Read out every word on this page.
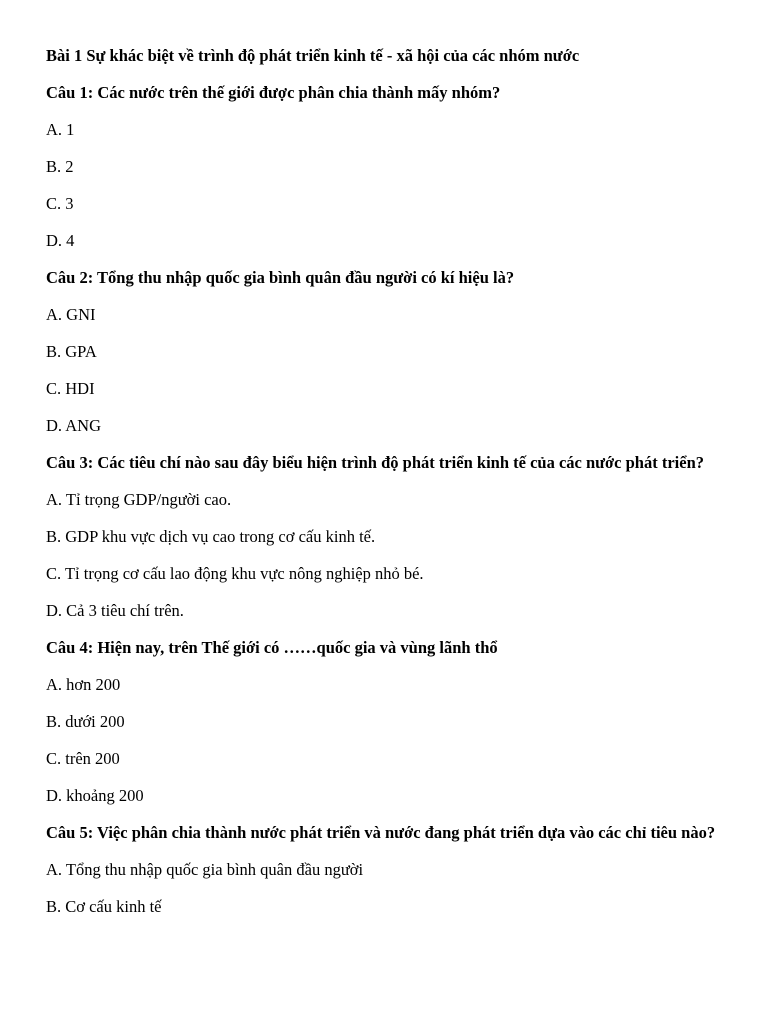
Bài 1 Sự khác biệt về trình độ phát triển kinh tế - xã hội của các nhóm nước
Câu 1: Các nước trên thế giới được phân chia thành mấy nhóm?
A. 1
B. 2
C. 3
D. 4
Câu 2: Tổng thu nhập quốc gia bình quân đầu người có kí hiệu là?
A. GNI
B. GPA
C. HDI
D. ANG
Câu 3: Các tiêu chí nào sau đây biểu hiện trình độ phát triển kinh tế của các nước phát triển?
A. Tỉ trọng GDP/người cao.
B. GDP khu vực dịch vụ cao trong cơ cấu kinh tế.
C. Tỉ trọng cơ cấu lao động khu vực nông nghiệp nhỏ bé.
D. Cả 3 tiêu chí trên.
Câu 4: Hiện nay, trên Thế giới có ……quốc gia và vùng lãnh thổ
A. hơn 200
B. dưới 200
C. trên 200
D. khoảng 200
Câu 5: Việc phân chia thành nước phát triển và nước đang phát triển dựa vào các chỉ tiêu nào?
A. Tổng thu nhập quốc gia bình quân đầu người
B. Cơ cấu kinh tế
